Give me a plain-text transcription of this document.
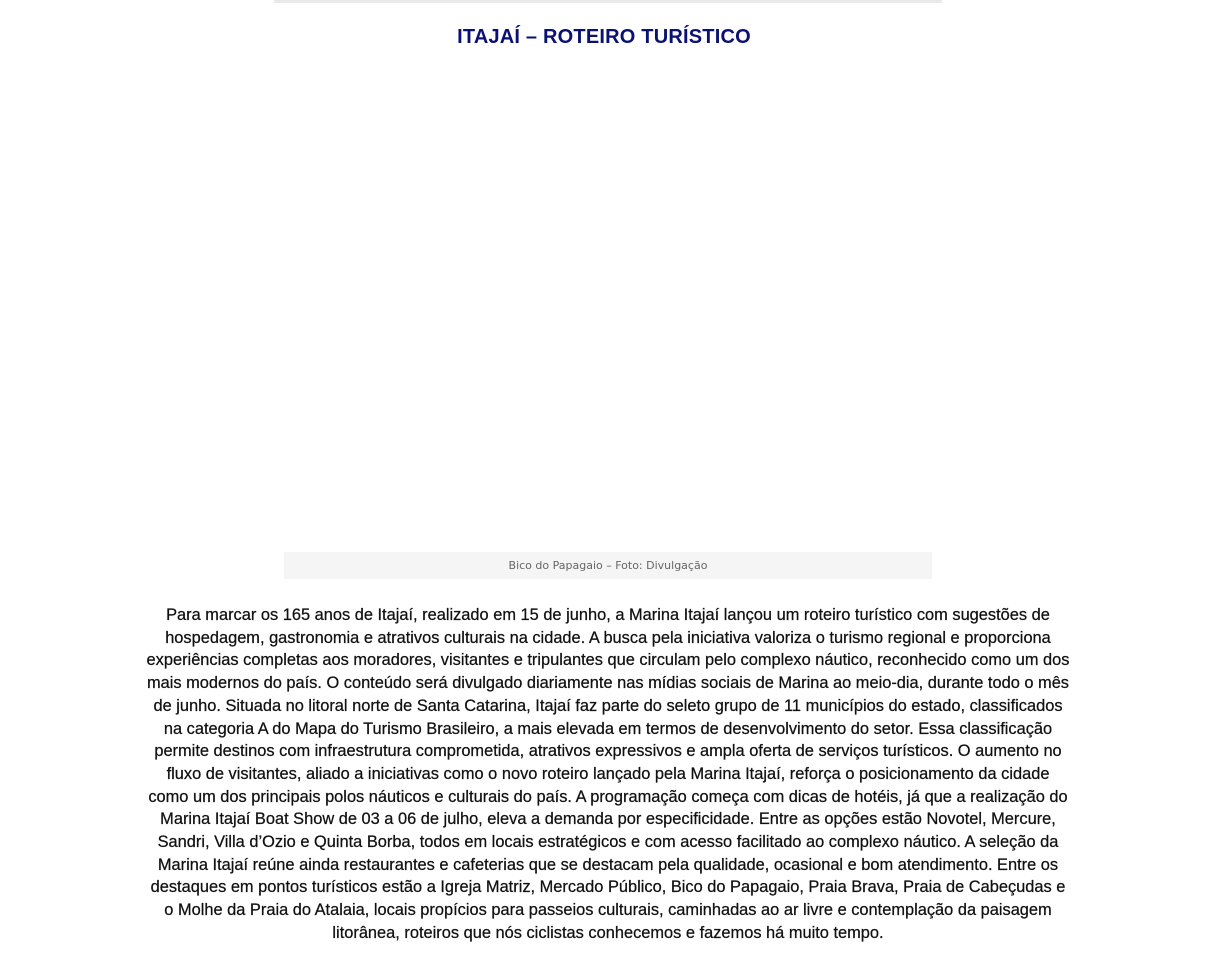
ITAJAÍ – ROTEIRO TURÍSTICO
Bico do Papagaio – Foto: Divulgação

Para marcar os 165 anos de Itajaí, realizado em 15 de junho, a Marina Itajaí lançou um roteiro turístico com sugestões de hospedagem, gastronomia e atrativos culturais na cidade. A busca pela iniciativa valoriza o turismo regional e proporciona experiências completas aos moradores, visitantes e tripulantes que circulam pelo complexo náutico, reconhecido como um dos mais modernos do país. O conteúdo será divulgado diariamente nas mídias sociais de Marina ao meio-dia, durante todo o mês de junho. Situada no litoral norte de Santa Catarina, Itajaí faz parte do seleto grupo de 11 municípios do estado, classificados na categoria A do Mapa do Turismo Brasileiro, a mais elevada em termos de desenvolvimento do setor. Essa classificação permite destinos com infraestrutura comprometida, atrativos expressivos e ampla oferta de serviços turísticos. O aumento no fluxo de visitantes, aliado a iniciativas como o novo roteiro lançado pela Marina Itajaí, reforça o posicionamento da cidade como um dos principais polos náuticos e culturais do país. A programação começa com dicas de hotéis, já que a realização do Marina Itajaí Boat Show de 03 a 06 de julho, eleva a demanda por especificidade. Entre as opções estão Novotel, Mercure, Sandri, Villa d’Ozio e Quinta Borba, todos em locais estratégicos e com acesso facilitado ao complexo náutico. A seleção da Marina Itajaí reúne ainda restaurantes e cafeterias que se destacam pela qualidade, ocasional e bom atendimento. Entre os destaques em pontos turísticos estão a Igreja Matriz, Mercado Público, Bico do Papagaio, Praia Brava, Praia de Cabeçudas e o Molhe da Praia do Atalaia, locais propícios para passeios culturais, caminhadas ao ar livre e contemplação da paisagem litorânea, roteiros que nós ciclistas conhecemos e fazemos há muito tempo.
